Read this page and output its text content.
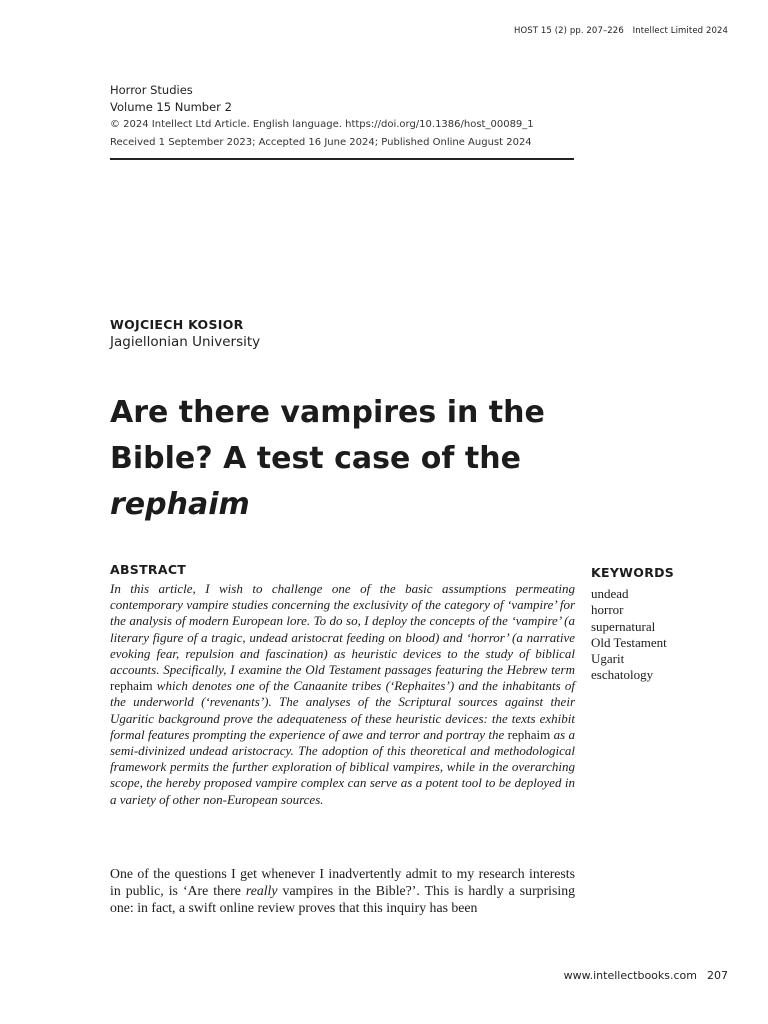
HOST 15 (2) pp. 207–226 Intellect Limited 2024
Horror Studies
Volume 15 Number 2
© 2024 Intellect Ltd Article. English language. https://doi.org/10.1386/host_00089_1
Received 1 September 2023; Accepted 16 June 2024; Published Online August 2024
WOJCIECH KOSIOR
Jagiellonian University
Are there vampires in the
Bible? A test case of the
rephaim
ABSTRACT

In this article, I wish to challenge one of the basic assumptions permeating contemporary vampire studies concerning the exclusivity of the category of ‘vampire’ for the analysis of modern European lore. To do so, I deploy the concepts of the ‘vampire’ (a literary figure of a tragic, undead aristocrat feeding on blood) and ‘horror’ (a narrative evoking fear, repulsion and fascination) as heuristic devices to the study of biblical accounts. Specifically, I examine the Old Testament passages featuring the Hebrew term rephaim which denotes one of the Canaanite tribes (‘Rephaites’) and the inhabitants of the underworld (‘revenants’). The analyses of the Scriptural sources against their Ugaritic background prove the adequateness of these heuristic devices: the texts exhibit formal features prompting the experience of awe and terror and portray the rephaim as a semi-divinized undead aristocracy. The adoption of this theoretical and methodological framework permits the further exploration of biblical vampires, while in the overarching scope, the hereby proposed vampire complex can serve as a potent tool to be deployed in a variety of other non-European sources.

KEYWORDS
undead
horror
supernatural
Old Testament
Ugarit
eschatology

One of the questions I get whenever I inadvertently admit to my research interests in public, is ‘Are there really vampires in the Bible?’. This is hardly a surprising one: in fact, a swift online review proves that this inquiry has been

www.intellectbooks.com 207
